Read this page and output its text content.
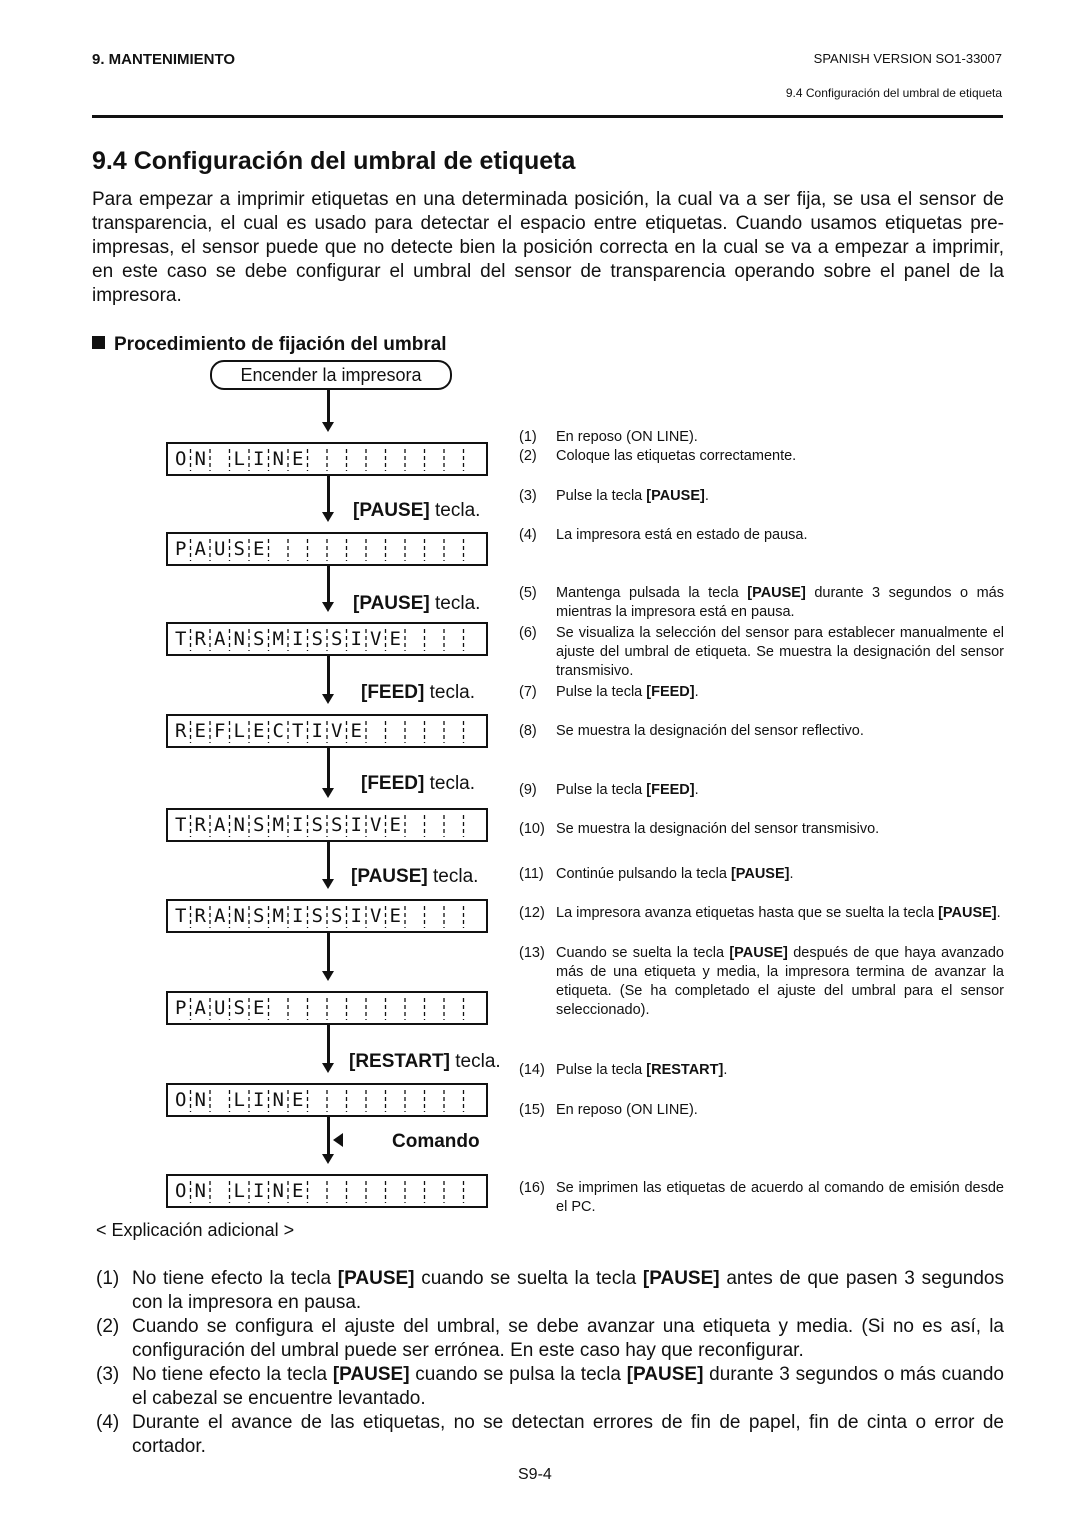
9. MANTENIMIENTO	SPANISH VERSION SO1-33007
9.4 Configuración del umbral de etiqueta
9.4 Configuración del umbral de etiqueta

Para empezar a imprimir etiquetas en una determinada posición, la cual va a ser fija, se usa el sensor de transparencia, el cual es usado para detectar el espacio entre etiquetas. Cuando usamos etiquetas pre-impresas, el sensor puede que no detecte bien la posición correcta en la cual se va a empezar a imprimir, en este caso se debe configurar el umbral del sensor de transparencia operando sobre el panel de la impresora.

Procedimiento de fijación del umbral
Encender la impresora
O N
L I N E
P A U S E
T R A N S M I S S I V E
R E F L E C T I V E
T R A N S M I S S I V E
T R A N S M I S S I V E
P A U S E
O N
L I N E
O N
L I N E
[PAUSE] tecla.
[PAUSE] tecla.
[FEED] tecla.
[FEED] tecla.
[PAUSE] tecla.
[RESTART] tecla.
Comando
(1)	En reposo (ON LINE).
(2)	Coloque las etiquetas correctamente.
(3)	Pulse la tecla [PAUSE].
(4)	La impresora está en estado de pausa.
(5)	Mantenga pulsada la tecla [PAUSE] durante 3 segundos o más mientras la impresora está en pausa.
(6)	Se visualiza la selección del sensor para establecer manualmente el ajuste del umbral de etiqueta. Se muestra la designación del sensor transmisivo.
(7)	Pulse la tecla [FEED].
(8)	Se muestra la designación del sensor reflectivo.
(9)	Pulse la tecla [FEED].
(10) Se muestra la designación del sensor transmisivo.
(11) Continúe pulsando la tecla [PAUSE].
(12) La impresora avanza etiquetas hasta que se suelta la tecla [PAUSE].
(13) Cuando se suelta la tecla [PAUSE] después de que haya avanzado más de una etiqueta y media, la impresora termina de avanzar la etiqueta. (Se ha completado el ajuste del umbral para el sensor seleccionado).
(14) Pulse la tecla [RESTART].
(15) En reposo (ON LINE).
(16) Se imprimen las etiquetas de acuerdo al comando de emisión desde el PC.
< Explicación adicional >
(1) No tiene efecto la tecla [PAUSE] cuando se suelta la tecla [PAUSE] antes de que pasen 3 segundos con la impresora en pausa.
(2) Cuando se configura el ajuste del umbral, se debe avanzar una etiqueta y media. (Si no es así, la configuración del umbral puede ser errónea. En este caso hay que reconfigurar.
(3) No tiene efecto la tecla [PAUSE] cuando se pulsa la tecla [PAUSE] durante 3 segundos o más cuando el cabezal se encuentre levantado.
(4) Durante el avance de las etiquetas, no se detectan errores de fin de papel, fin de cinta o error de cortador.
S9-4
